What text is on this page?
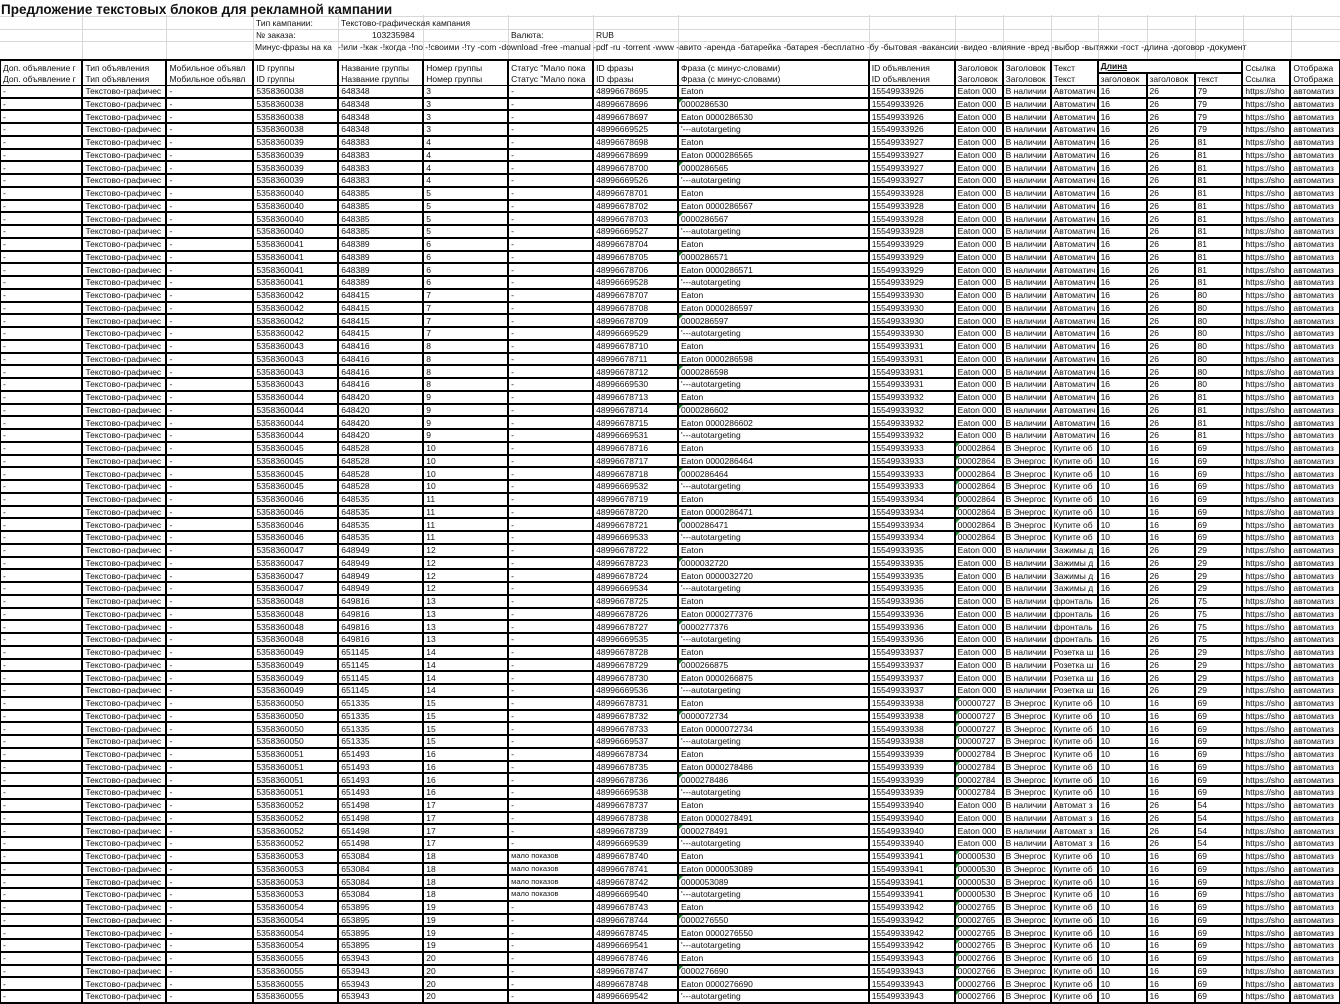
Предложение текстовых блоков для рекламной кампании
Тип кампании:	Текстово-графическая кампания
№ заказа:	103235984	Валюта:	RUB
Минус-фразы на ка -!или -!как -!когда -!по -!своими -!ту -com -download -free -manual -pdf -ru -torrent -www -авито -аренда -батарейка -батарея -бесплатно -бу -бытовая -вакансии -видео -влияние -вред -выбор -вытяжки -гост -длина -договор -документ
Доп. объявление г	Тип объявления	Мобильное объявл	ID группы	Название группы	Номер группы	Статус "Мало пока	ID фразы	Фраза (с минус-словами)	ID объявления	Заголовок	Заголовок	Текст	Длина			Ссылка	Отобража
Доп. объявление г	Тип объявления	Мобильное объявл	ID группы	Название группы	Номер группы	Статус "Мало пока	ID фразы	Фраза (с минус-словами)	ID объявления	Заголовок	Заголовок	Текст	заголовок	заголовок	текст	Ссылка	Отобража
-	Текстово-графичес	-	5358360038	648348	3	-	48996678695	Eaton	15549933926	Eaton 000	В наличии	Автоматич	16	26	79	https://sho	автоматиз
-	Текстово-графичес	-	5358360038	648348	3	-	48996678696	0000286530	15549933926	Eaton 000	В наличии	Автоматич	16	26	79	https://sho	автоматиз
-	Текстово-графичес	-	5358360038	648348	3	-	48996678697	Eaton 0000286530	15549933926	Eaton 000	В наличии	Автоматич	16	26	79	https://sho	автоматиз
-	Текстово-графичес	-	5358360038	648348	3	-	48996669525	'---autotargeting	15549933926	Eaton 000	В наличии	Автоматич	16	26	79	https://sho	автоматиз
-	Текстово-графичес	-	5358360039	648383	4	-	48996678698	Eaton	15549933927	Eaton 000	В наличии	Автоматич	16	26	81	https://sho	автоматиз
-	Текстово-графичес	-	5358360039	648383	4	-	48996678699	Eaton 0000286565	15549933927	Eaton 000	В наличии	Автоматич	16	26	81	https://sho	автоматиз
-	Текстово-графичес	-	5358360039	648383	4	-	48996678700	0000286565	15549933927	Eaton 000	В наличии	Автоматич	16	26	81	https://sho	автоматиз
-	Текстово-графичес	-	5358360039	648383	4	-	48996669526	'---autotargeting	15549933927	Eaton 000	В наличии	Автоматич	16	26	81	https://sho	автоматиз
-	Текстово-графичес	-	5358360040	648385	5	-	48996678701	Eaton	15549933928	Eaton 000	В наличии	Автоматич	16	26	81	https://sho	автоматиз
-	Текстово-графичес	-	5358360040	648385	5	-	48996678702	Eaton 0000286567	15549933928	Eaton 000	В наличии	Автоматич	16	26	81	https://sho	автоматиз
-	Текстово-графичес	-	5358360040	648385	5	-	48996678703	0000286567	15549933928	Eaton 000	В наличии	Автоматич	16	26	81	https://sho	автоматиз
-	Текстово-графичес	-	5358360040	648385	5	-	48996669527	'---autotargeting	15549933928	Eaton 000	В наличии	Автоматич	16	26	81	https://sho	автоматиз
-	Текстово-графичес	-	5358360041	648389	6	-	48996678704	Eaton	15549933929	Eaton 000	В наличии	Автоматич	16	26	81	https://sho	автоматиз
-	Текстово-графичес	-	5358360041	648389	6	-	48996678705	0000286571	15549933929	Eaton 000	В наличии	Автоматич	16	26	81	https://sho	автоматиз
-	Текстово-графичес	-	5358360041	648389	6	-	48996678706	Eaton 0000286571	15549933929	Eaton 000	В наличии	Автоматич	16	26	81	https://sho	автоматиз
-	Текстово-графичес	-	5358360041	648389	6	-	48996669528	'---autotargeting	15549933929	Eaton 000	В наличии	Автоматич	16	26	81	https://sho	автоматиз
-	Текстово-графичес	-	5358360042	648415	7	-	48996678707	Eaton	15549933930	Eaton 000	В наличии	Автоматич	16	26	80	https://sho	автоматиз
-	Текстово-графичес	-	5358360042	648415	7	-	48996678708	Eaton 0000286597	15549933930	Eaton 000	В наличии	Автоматич	16	26	80	https://sho	автоматиз
-	Текстово-графичес	-	5358360042	648415	7	-	48996678709	0000286597	15549933930	Eaton 000	В наличии	Автоматич	16	26	80	https://sho	автоматиз
-	Текстово-графичес	-	5358360042	648415	7	-	48996669529	'---autotargeting	15549933930	Eaton 000	В наличии	Автоматич	16	26	80	https://sho	автоматиз
-	Текстово-графичес	-	5358360043	648416	8	-	48996678710	Eaton	15549933931	Eaton 000	В наличии	Автоматич	16	26	80	https://sho	автоматиз
-	Текстово-графичес	-	5358360043	648416	8	-	48996678711	Eaton 0000286598	15549933931	Eaton 000	В наличии	Автоматич	16	26	80	https://sho	автоматиз
-	Текстово-графичес	-	5358360043	648416	8	-	48996678712	0000286598	15549933931	Eaton 000	В наличии	Автоматич	16	26	80	https://sho	автоматиз
-	Текстово-графичес	-	5358360043	648416	8	-	48996669530	'---autotargeting	15549933931	Eaton 000	В наличии	Автоматич	16	26	80	https://sho	автоматиз
-	Текстово-графичес	-	5358360044	648420	9	-	48996678713	Eaton	15549933932	Eaton 000	В наличии	Автоматич	16	26	81	https://sho	автоматиз
-	Текстово-графичес	-	5358360044	648420	9	-	48996678714	0000286602	15549933932	Eaton 000	В наличии	Автоматич	16	26	81	https://sho	автоматиз
-	Текстово-графичес	-	5358360044	648420	9	-	48996678715	Eaton 0000286602	15549933932	Eaton 000	В наличии	Автоматич	16	26	81	https://sho	автоматиз
-	Текстово-графичес	-	5358360044	648420	9	-	48996669531	'---autotargeting	15549933932	Eaton 000	В наличии	Автоматич	16	26	81	https://sho	автоматиз
-	Текстово-графичес	-	5358360045	648528	10	-	48996678716	Eaton	15549933933	00002864	В Энергос	Купите об	10	16	69	https://sho	автоматиз
-	Текстово-графичес	-	5358360045	648528	10	-	48996678717	Eaton 0000286464	15549933933	00002864	В Энергос	Купите об	10	16	69	https://sho	автоматиз
-	Текстово-графичес	-	5358360045	648528	10	-	48996678718	0000286464	15549933933	00002864	В Энергос	Купите об	10	16	69	https://sho	автоматиз
-	Текстово-графичес	-	5358360045	648528	10	-	48996669532	'---autotargeting	15549933933	00002864	В Энергос	Купите об	10	16	69	https://sho	автоматиз
-	Текстово-графичес	-	5358360046	648535	11	-	48996678719	Eaton	15549933934	00002864	В Энергос	Купите об	10	16	69	https://sho	автоматиз
-	Текстово-графичес	-	5358360046	648535	11	-	48996678720	Eaton 0000286471	15549933934	00002864	В Энергос	Купите об	10	16	69	https://sho	автоматиз
-	Текстово-графичес	-	5358360046	648535	11	-	48996678721	0000286471	15549933934	00002864	В Энергос	Купите об	10	16	69	https://sho	автоматиз
-	Текстово-графичес	-	5358360046	648535	11	-	48996669533	'---autotargeting	15549933934	00002864	В Энергос	Купите об	10	16	69	https://sho	автоматиз
-	Текстово-графичес	-	5358360047	648949	12	-	48996678722	Eaton	15549933935	Eaton 000	В наличии	Зажимы д	16	26	29	https://sho	автоматиз
-	Текстово-графичес	-	5358360047	648949	12	-	48996678723	0000032720	15549933935	Eaton 000	В наличии	Зажимы д	16	26	29	https://sho	автоматиз
-	Текстово-графичес	-	5358360047	648949	12	-	48996678724	Eaton 0000032720	15549933935	Eaton 000	В наличии	Зажимы д	16	26	29	https://sho	автоматиз
-	Текстово-графичес	-	5358360047	648949	12	-	48996669534	'---autotargeting	15549933935	Eaton 000	В наличии	Зажимы д	16	26	29	https://sho	автоматиз
-	Текстово-графичес	-	5358360048	649816	13	-	48996678725	Eaton	15549933936	Eaton 000	В наличии	фронталь	16	26	75	https://sho	автоматиз
-	Текстово-графичес	-	5358360048	649816	13	-	48996678726	Eaton 0000277376	15549933936	Eaton 000	В наличии	фронталь	16	26	75	https://sho	автоматиз
-	Текстово-графичес	-	5358360048	649816	13	-	48996678727	0000277376	15549933936	Eaton 000	В наличии	фронталь	16	26	75	https://sho	автоматиз
-	Текстово-графичес	-	5358360048	649816	13	-	48996669535	'---autotargeting	15549933936	Eaton 000	В наличии	фронталь	16	26	75	https://sho	автоматиз
-	Текстово-графичес	-	5358360049	651145	14	-	48996678728	Eaton	15549933937	Eaton 000	В наличии	Розетка ш	16	26	29	https://sho	автоматиз
-	Текстово-графичес	-	5358360049	651145	14	-	48996678729	0000266875	15549933937	Eaton 000	В наличии	Розетка ш	16	26	29	https://sho	автоматиз
-	Текстово-графичес	-	5358360049	651145	14	-	48996678730	Eaton 0000266875	15549933937	Eaton 000	В наличии	Розетка ш	16	26	29	https://sho	автоматиз
-	Текстово-графичес	-	5358360049	651145	14	-	48996669536	'---autotargeting	15549933937	Eaton 000	В наличии	Розетка ш	16	26	29	https://sho	автоматиз
-	Текстово-графичес	-	5358360050	651335	15	-	48996678731	Eaton	15549933938	00000727	В Энергос	Купите об	10	16	69	https://sho	автоматиз
-	Текстово-графичес	-	5358360050	651335	15	-	48996678732	0000072734	15549933938	00000727	В Энергос	Купите об	10	16	69	https://sho	автоматиз
-	Текстово-графичес	-	5358360050	651335	15	-	48996678733	Eaton 0000072734	15549933938	00000727	В Энергос	Купите об	10	16	69	https://sho	автоматиз
-	Текстово-графичес	-	5358360050	651335	15	-	48996669537	'---autotargeting	15549933938	00000727	В Энергос	Купите об	10	16	69	https://sho	автоматиз
-	Текстово-графичес	-	5358360051	651493	16	-	48996678734	Eaton	15549933939	00002784	В Энергос	Купите об	10	16	69	https://sho	автоматиз
-	Текстово-графичес	-	5358360051	651493	16	-	48996678735	Eaton 0000278486	15549933939	00002784	В Энергос	Купите об	10	16	69	https://sho	автоматиз
-	Текстово-графичес	-	5358360051	651493	16	-	48996678736	0000278486	15549933939	00002784	В Энергос	Купите об	10	16	69	https://sho	автоматиз
-	Текстово-графичес	-	5358360051	651493	16	-	48996669538	'---autotargeting	15549933939	00002784	В Энергос	Купите об	10	16	69	https://sho	автоматиз
-	Текстово-графичес	-	5358360052	651498	17	-	48996678737	Eaton	15549933940	Eaton 000	В наличии	Автомат з	16	26	54	https://sho	автоматиз
-	Текстово-графичес	-	5358360052	651498	17	-	48996678738	Eaton 0000278491	15549933940	Eaton 000	В наличии	Автомат з	16	26	54	https://sho	автоматиз
-	Текстово-графичес	-	5358360052	651498	17	-	48996678739	0000278491	15549933940	Eaton 000	В наличии	Автомат з	16	26	54	https://sho	автоматиз
-	Текстово-графичес	-	5358360052	651498	17	-	48996669539	'---autotargeting	15549933940	Eaton 000	В наличии	Автомат з	16	26	54	https://sho	автоматиз
-	Текстово-графичес	-	5358360053	653084	18	мало показов	48996678740	Eaton	15549933941	00000530	В Энергос	Купите об	10	16	69	https://sho	автоматиз
-	Текстово-графичес	-	5358360053	653084	18	мало показов	48996678741	Eaton 0000053089	15549933941	00000530	В Энергос	Купите об	10	16	69	https://sho	автоматиз
-	Текстово-графичес	-	5358360053	653084	18	мало показов	48996678742	0000053089	15549933941	00000530	В Энергос	Купите об	10	16	69	https://sho	автоматиз
-	Текстово-графичес	-	5358360053	653084	18	мало показов	48996669540	'---autotargeting	15549933941	00000530	В Энергос	Купите об	10	16	69	https://sho	автоматиз
-	Текстово-графичес	-	5358360054	653895	19	-	48996678743	Eaton	15549933942	00002765	В Энергос	Купите об	10	16	69	https://sho	автоматиз
-	Текстово-графичес	-	5358360054	653895	19	-	48996678744	0000276550	15549933942	00002765	В Энергос	Купите об	10	16	69	https://sho	автоматиз
-	Текстово-графичес	-	5358360054	653895	19	-	48996678745	Eaton 0000276550	15549933942	00002765	В Энергос	Купите об	10	16	69	https://sho	автоматиз
-	Текстово-графичес	-	5358360054	653895	19	-	48996669541	'---autotargeting	15549933942	00002765	В Энергос	Купите об	10	16	69	https://sho	автоматиз
-	Текстово-графичес	-	5358360055	653943	20	-	48996678746	Eaton	15549933943	00002766	В Энергос	Купите об	10	16	69	https://sho	автоматиз
-	Текстово-графичес	-	5358360055	653943	20	-	48996678747	0000276690	15549933943	00002766	В Энергос	Купите об	10	16	69	https://sho	автоматиз
-	Текстово-графичес	-	5358360055	653943	20	-	48996678748	Eaton 0000276690	15549933943	00002766	В Энергос	Купите об	10	16	69	https://sho	автоматиз
-	Текстово-графичес	-	5358360055	653943	20	-	48996669542	'---autotargeting	15549933943	00002766	В Энергос	Купите об	10	16	69	https://sho	автоматиз
